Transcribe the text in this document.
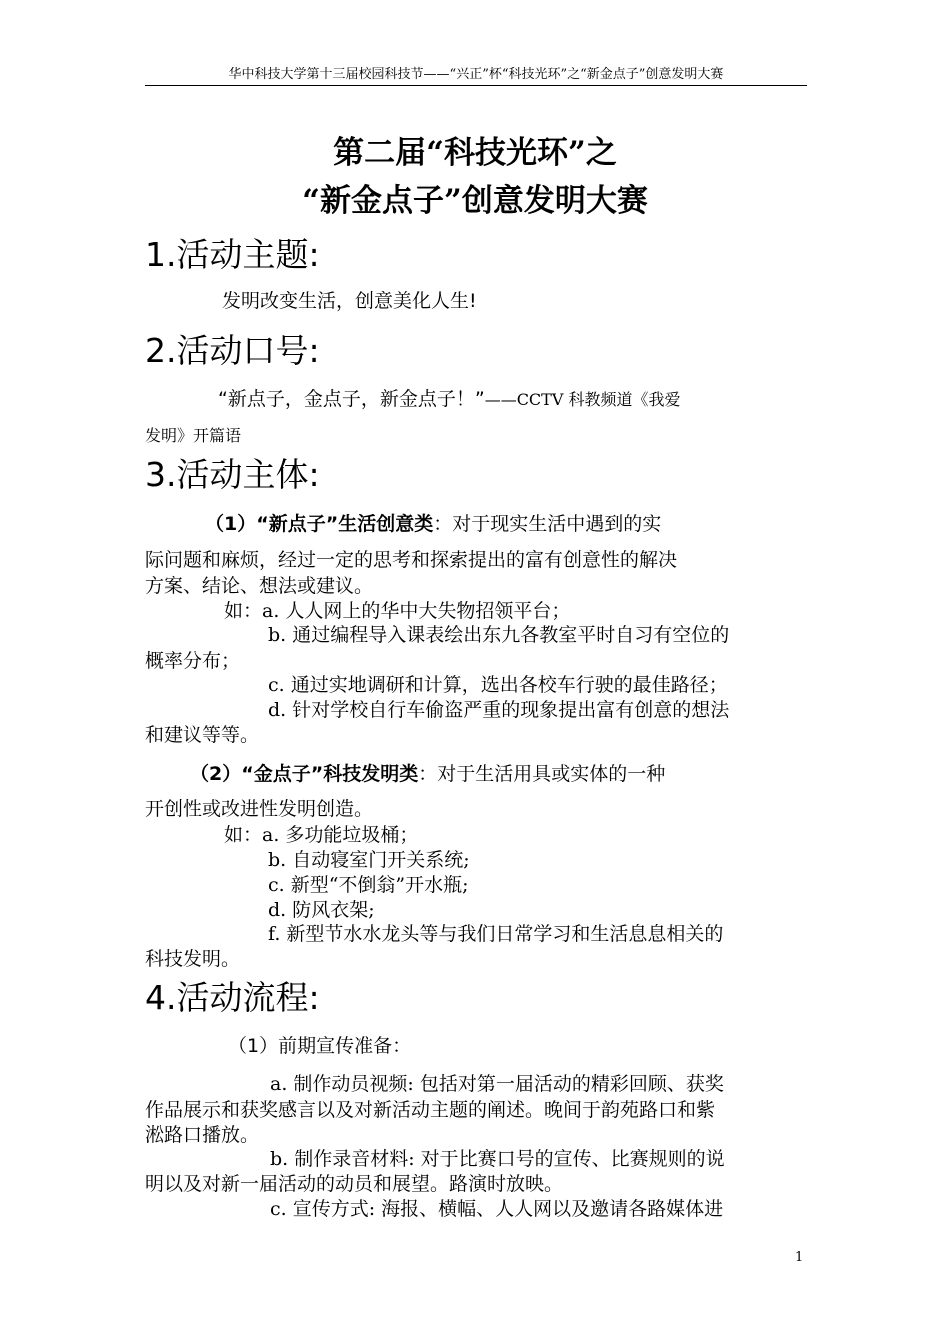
华中科技大学第十三届校园科技节——“兴正”杯“科技光环”之“新金点子”创意发明大赛
第二届“科技光环”之
“新金点子”创意发明大赛
1.活动主题:
发明改变生活，创意美化人生!
2.活动口号:
“新点子，金点子，新金点子！”——CCTV 科教频道《我爱
发明》开篇语
3.活动主体:
（1）“新点子”生活创意类：对于现实生活中遇到的实
际问题和麻烦，经过一定的思考和探索提出的富有创意性的解决
方案、结论、想法或建议。
如：a. 人人网上的华中大失物招领平台；
b. 通过编程导入课表绘出东九各教室平时自习有空位的
概率分布；
c. 通过实地调研和计算，选出各校车行驶的最佳路径；
d. 针对学校自行车偷盗严重的现象提出富有创意的想法
和建议等等。
（2）“金点子”科技发明类：对于生活用具或实体的一种
开创性或改进性发明创造。
如：a. 多功能垃圾桶；
b. 自动寝室门开关系统;
c. 新型“不倒翁”开水瓶;
d. 防风衣架;
f. 新型节水水龙头等与我们日常学习和生活息息相关的
科技发明。
4.活动流程:
（1）前期宣传准备：
a. 制作动员视频: 包括对第一届活动的精彩回顾、获奖
作品展示和获奖感言以及对新活动主题的阐述。晚间于韵苑路口和紫
淞路口播放。
b. 制作录音材料: 对于比赛口号的宣传、比赛规则的说
明以及对新一届活动的动员和展望。路演时放映。
c. 宣传方式: 海报、横幅、人人网以及邀请各路媒体进
1
